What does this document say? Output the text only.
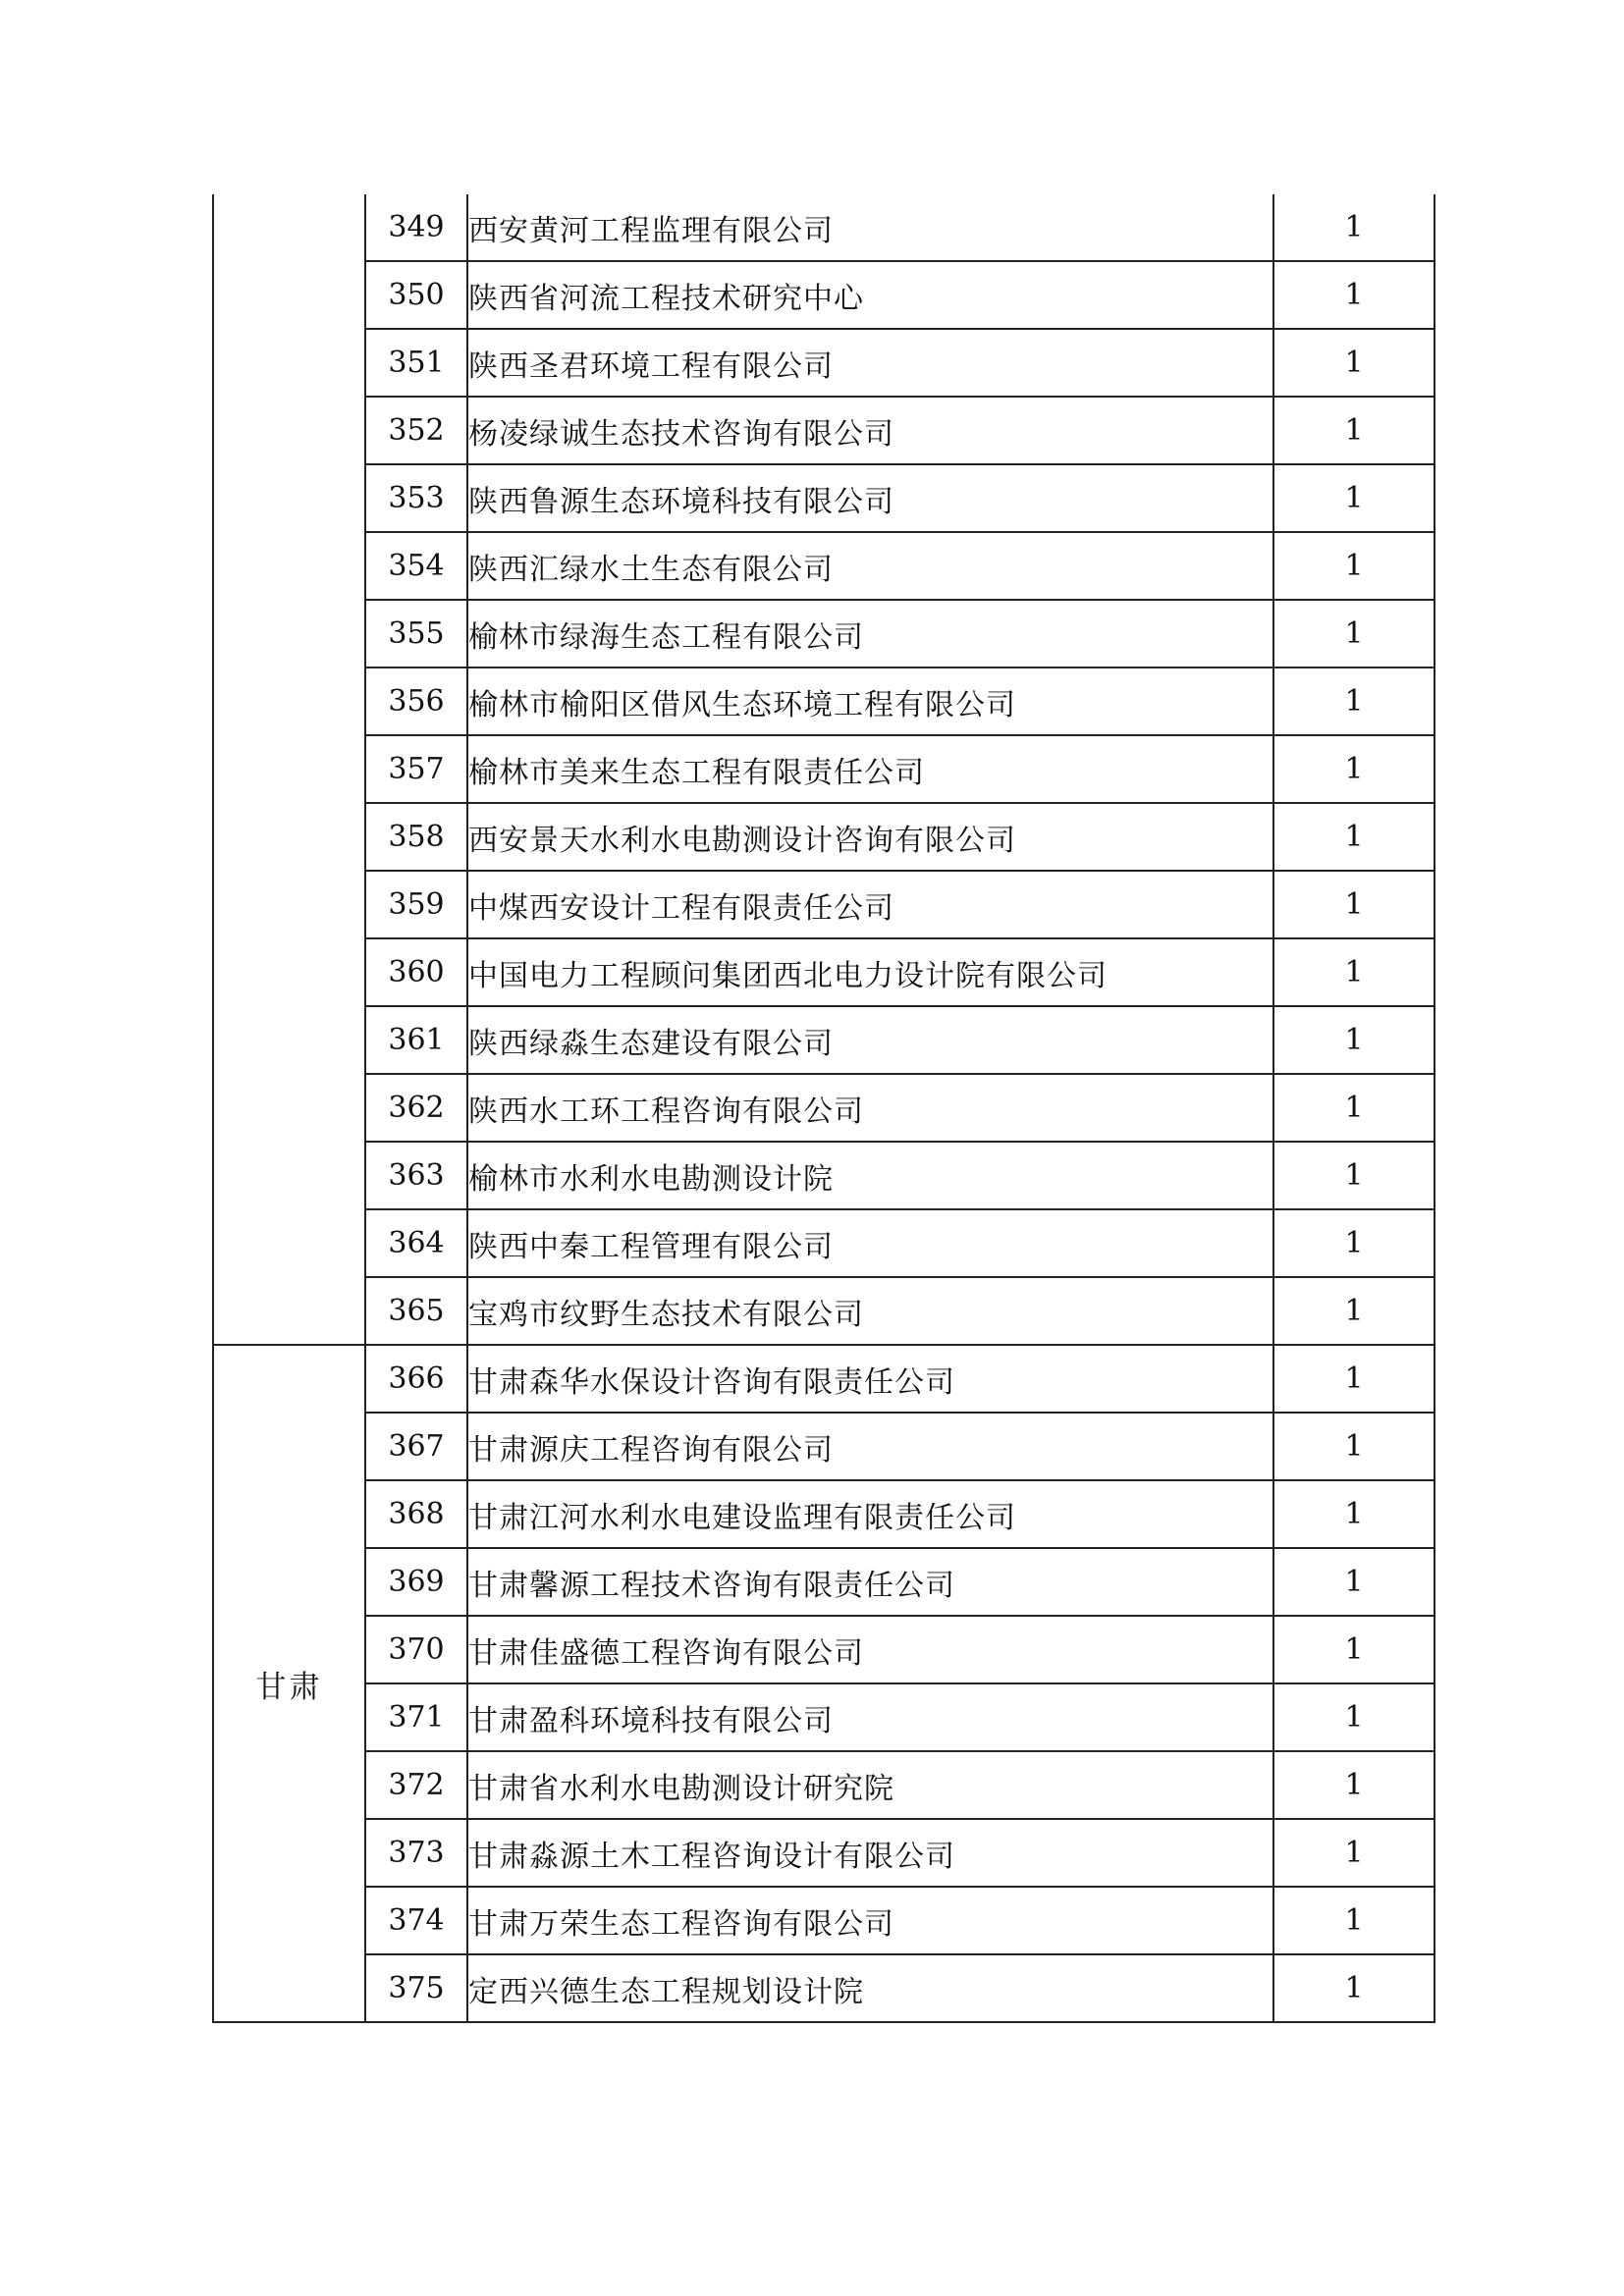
	349	西安黄河工程监理有限公司	1
	350	陕西省河流工程技术研究中心	1
	351	陕西圣君环境工程有限公司	1
	352	杨凌绿诚生态技术咨询有限公司	1
	353	陕西鲁源生态环境科技有限公司	1
	354	陕西汇绿水土生态有限公司	1
	355	榆林市绿海生态工程有限公司	1
	356	榆林市榆阳区借风生态环境工程有限公司	1
	357	榆林市美来生态工程有限责任公司	1
	358	西安景天水利水电勘测设计咨询有限公司	1
	359	中煤西安设计工程有限责任公司	1
	360	中国电力工程顾问集团西北电力设计院有限公司	1
	361	陕西绿淼生态建设有限公司	1
	362	陕西水工环工程咨询有限公司	1
	363	榆林市水利水电勘测设计院	1
	364	陕西中秦工程管理有限公司	1
	365	宝鸡市纹野生态技术有限公司	1
甘肃	366	甘肃森华水保设计咨询有限责任公司	1
	367	甘肃源庆工程咨询有限公司	1
	368	甘肃江河水利水电建设监理有限责任公司	1
	369	甘肃馨源工程技术咨询有限责任公司	1
	370	甘肃佳盛德工程咨询有限公司	1
	371	甘肃盈科环境科技有限公司	1
	372	甘肃省水利水电勘测设计研究院	1
	373	甘肃淼源土木工程咨询设计有限公司	1
	374	甘肃万荣生态工程咨询有限公司	1
	375	定西兴德生态工程规划设计院	1
